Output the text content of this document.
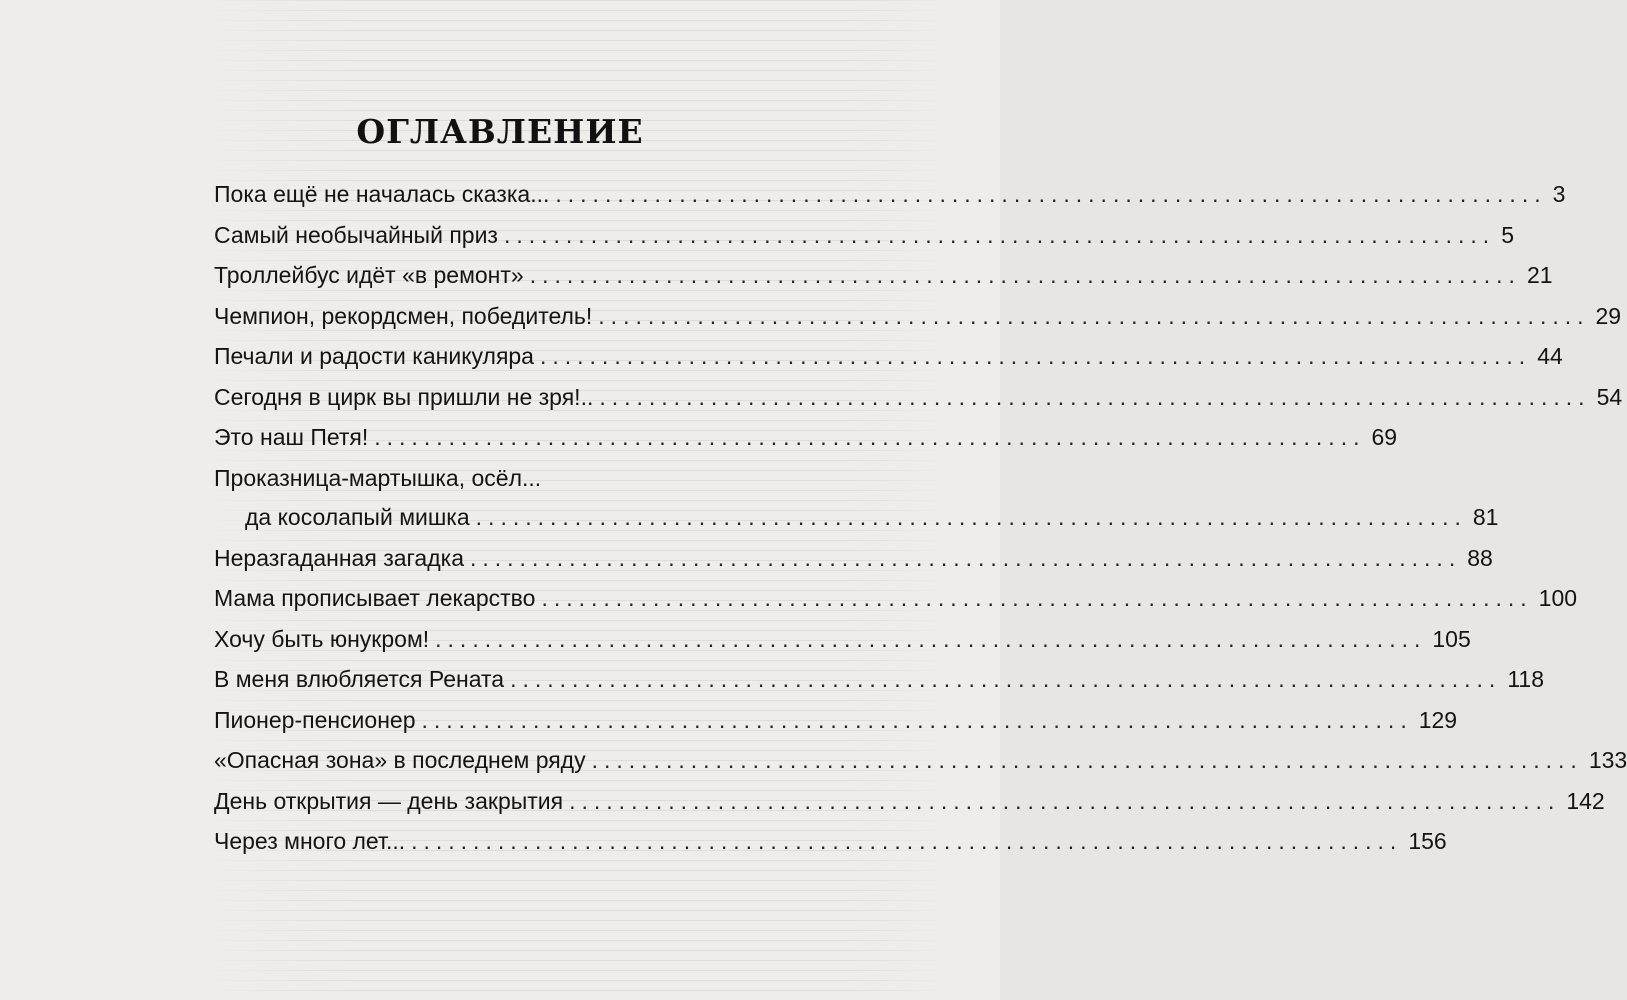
ОГЛАВЛЕНИЕ
Пока ещё не началась сказка... ................................................................................ 3
Самый необычайный приз ................................................................................ 5
Троллейбус идёт «в ремонт» ................................................................................ 21
Чемпион, рекордсмен, победитель! ................................................................................ 29
Печали и радости каникуляра ................................................................................ 44
Сегодня в цирк вы пришли не зря!.. ................................................................................ 54
Это наш Петя! ................................................................................ 69
Проказница-мартышка, осёл...
да косолапый мишка ................................................................................ 81
Неразгаданная загадка ................................................................................ 88
Мама прописывает лекарство ................................................................................ 100
Хочу быть юнукром! ................................................................................ 105
В меня влюбляется Рената ................................................................................ 118
Пионер-пенсионер ................................................................................ 129
«Опасная зона» в последнем ряду ................................................................................ 133
День открытия — день закрытия ................................................................................ 142
Через много лет... ................................................................................ 156
